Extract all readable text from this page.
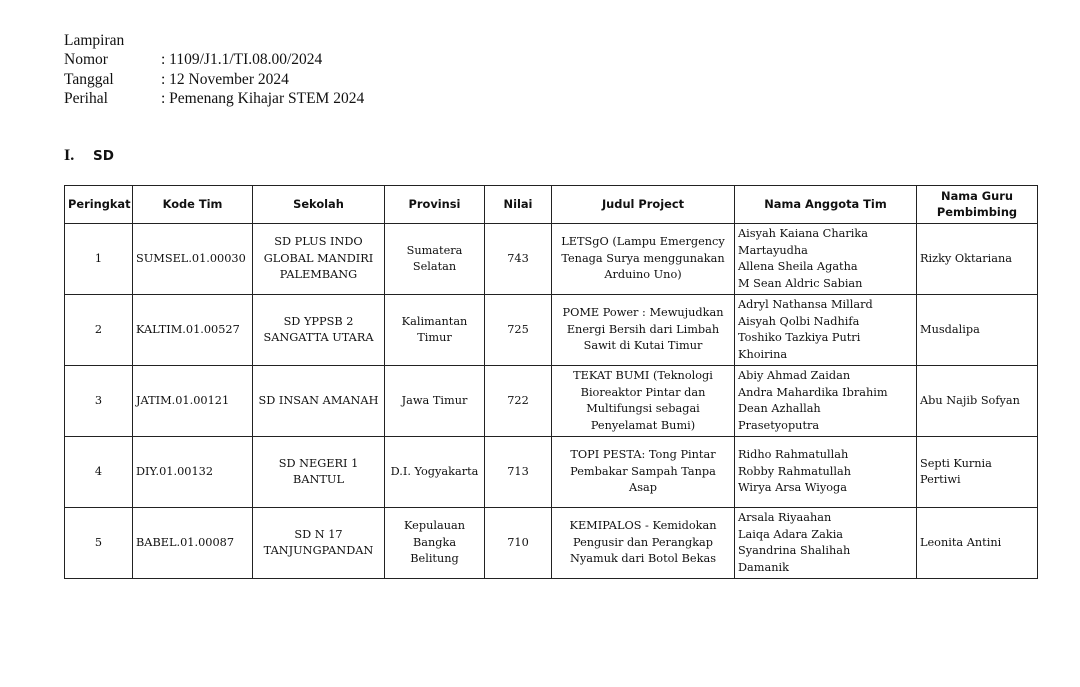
Lampiran
Nomor	: 1109/J1.1/TI.08.00/2024
Tanggal	: 12 November 2024
Perihal	: Pemenang Kihajar STEM 2024
I. SD
Peringkat	Kode Tim	Sekolah	Provinsi	Nilai	Judul Project	Nama Anggota Tim	Nama Guru Pembimbing
1	SUMSEL.01.00030	SD PLUS INDO
GLOBAL MANDIRI
PALEMBANG	Sumatera
Selatan	743	LETSgO (Lampu Emergency
Tenaga Surya menggunakan
Arduino Uno)	Aisyah Kaiana Charika
Martayudha
Allena Sheila Agatha
M Sean Aldric Sabian	Rizky Oktariana

2	KALTIM.01.00527	SD YPPSB 2
SANGATTA UTARA	Kalimantan
Timur	725	POME Power : Mewujudkan
Energi Bersih dari Limbah
Sawit di Kutai Timur	Adryl Nathansa Millard
Aisyah Qolbi Nadhifa
Toshiko Tazkiya Putri
Khoirina	Musdalipa

3	JATIM.01.00121	SD INSAN AMANAH	Jawa Timur	722	TEKAT BUMI (Teknologi
Bioreaktor Pintar dan
Multifungsi sebagai
Penyelamat Bumi)	Abiy Ahmad Zaidan
Andra Mahardika Ibrahim
Dean Azhallah
Prasetyoputra	Abu Najib Sofyan

4	DIY.01.00132	SD NEGERI 1
BANTUL	D.I. Yogyakarta	713	TOPI PESTA: Tong Pintar
Pembakar Sampah Tanpa
Asap	Ridho Rahmatullah
Robby Rahmatullah
Wirya Arsa Wiyoga	Septi Kurnia
Pertiwi

5	BABEL.01.00087	SD N 17
TANJUNGPANDAN	Kepulauan
Bangka
Belitung	710	KEMIPALOS - Kemidokan
Pengusir dan Perangkap
Nyamuk dari Botol Bekas	Arsala Riyaahan
Laiqa Adara Zakia
Syandrina Shalihah
Damanik	Leonita Antini
